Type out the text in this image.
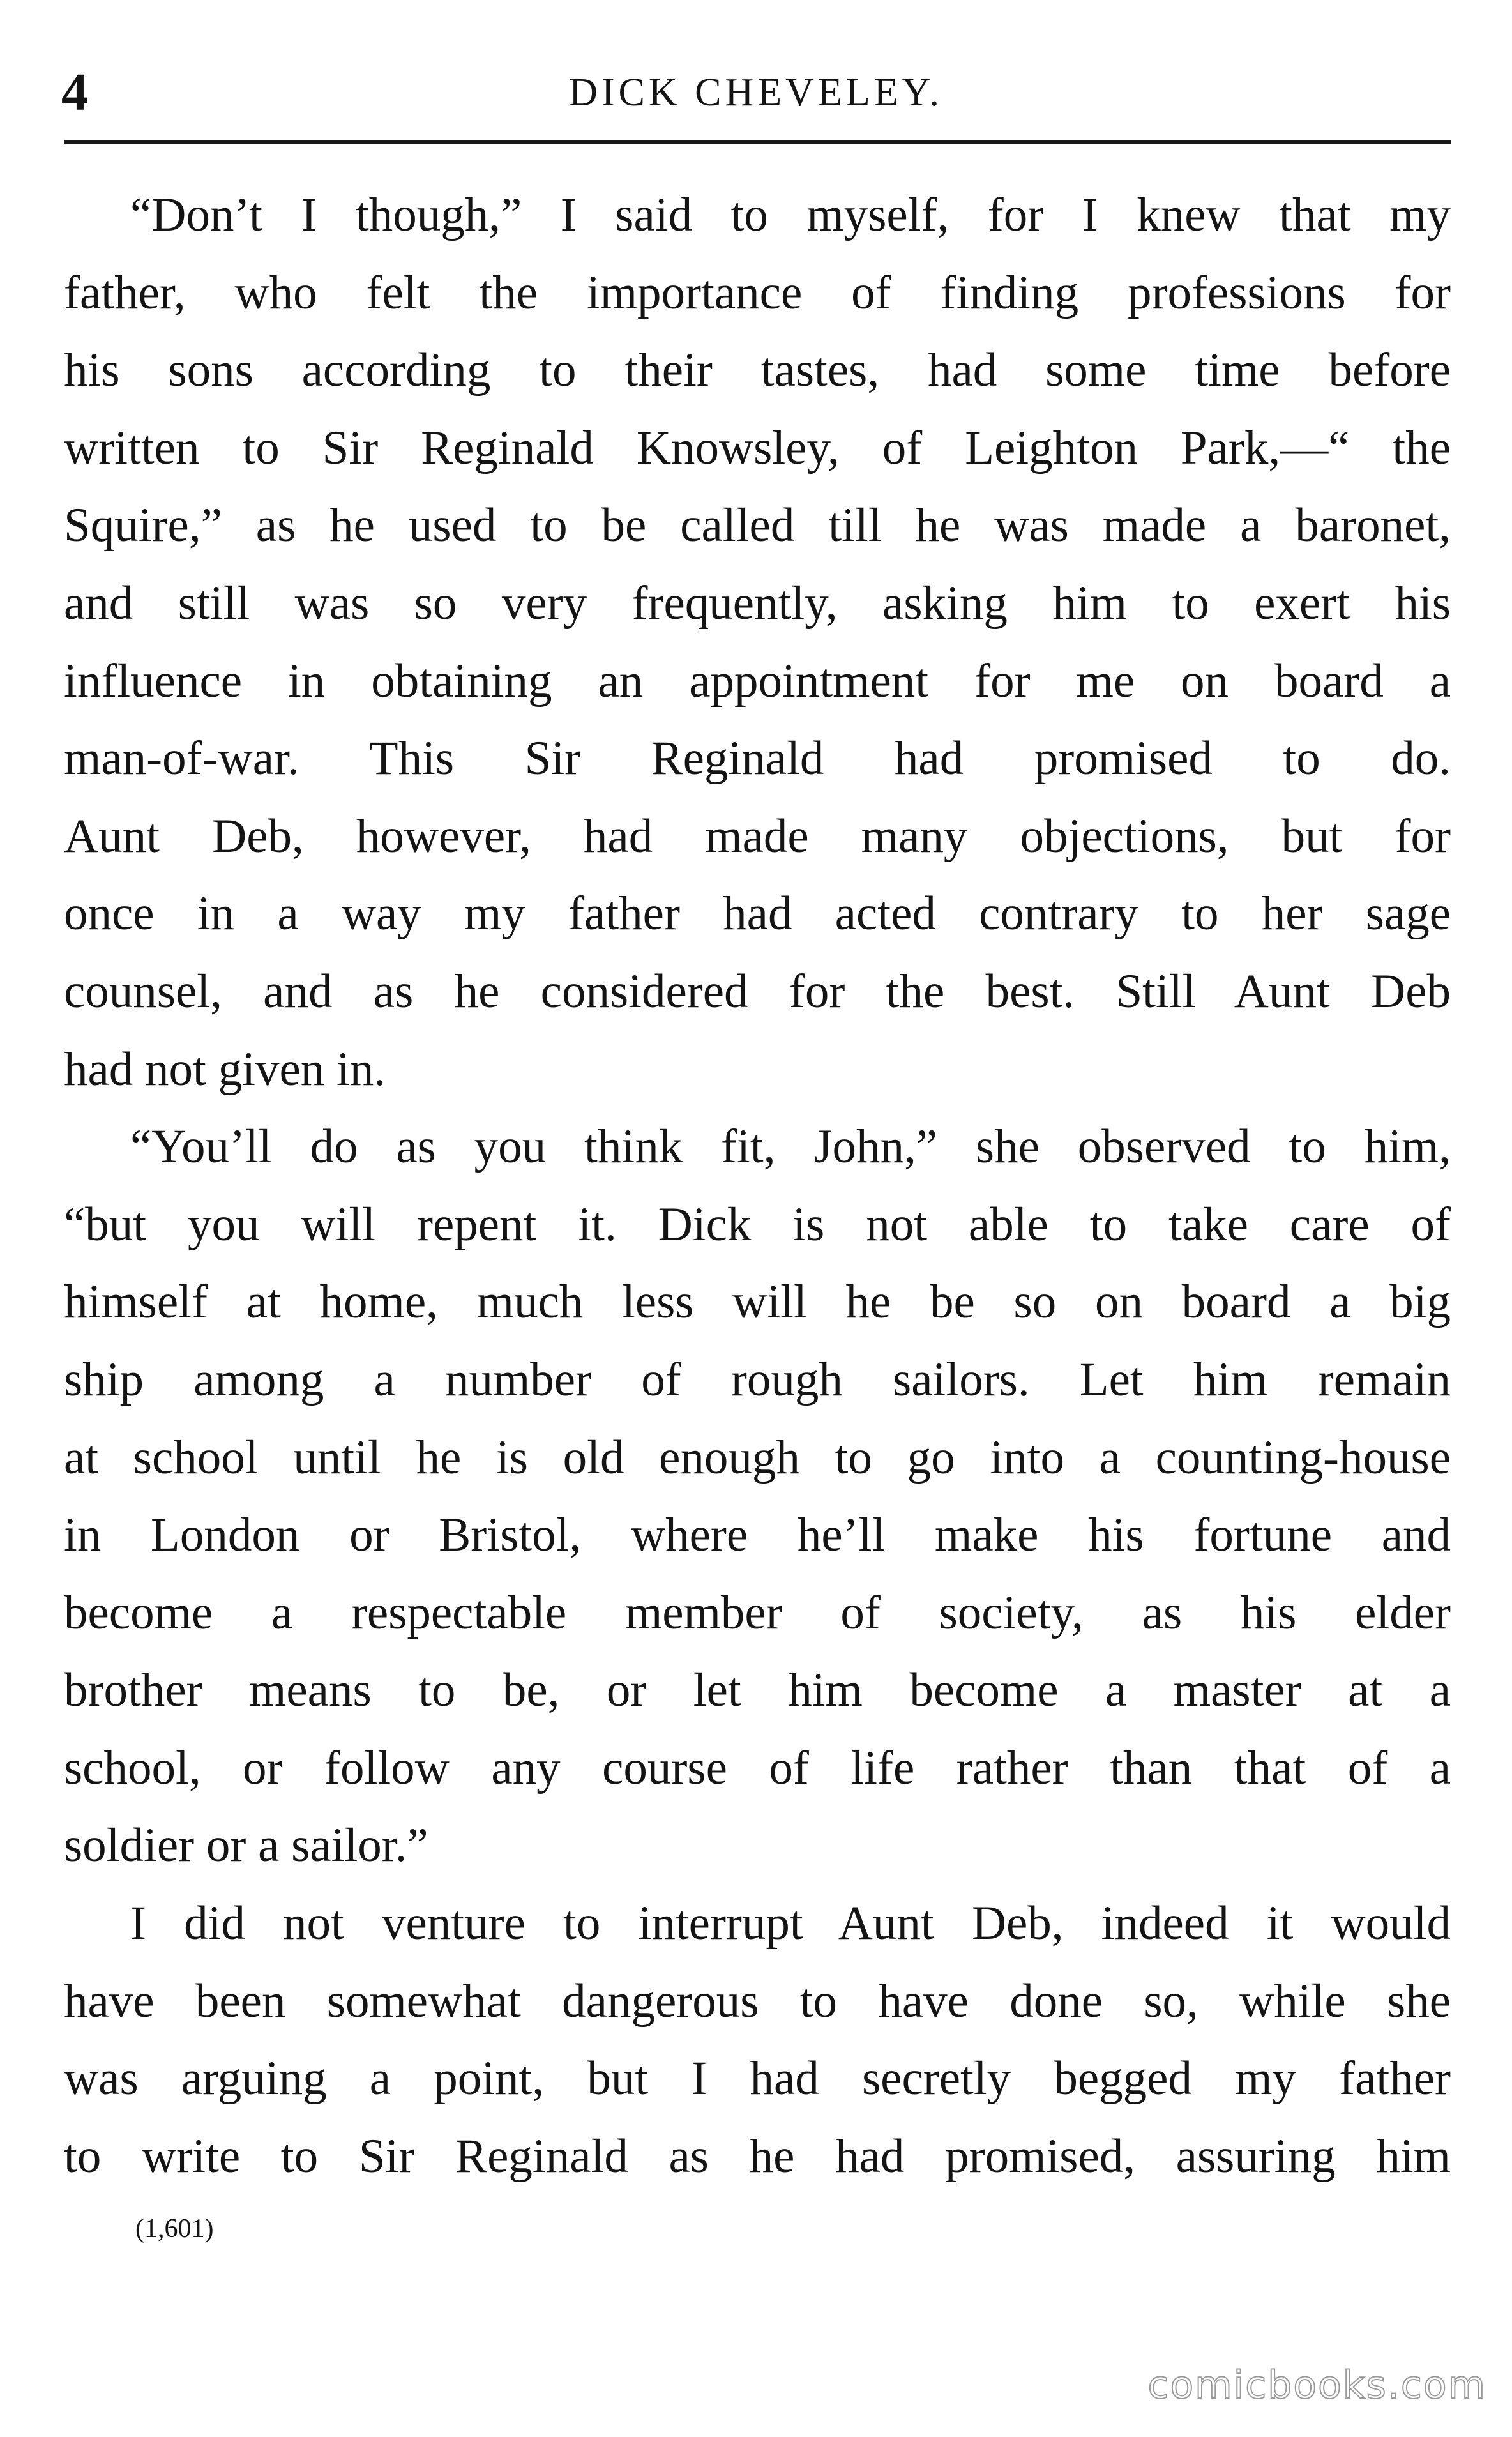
4	DICK CHEVELEY.

“Don’t I though,” I said to myself, for I knew that my
father, who felt the importance of finding professions for
his sons according to their tastes, had some time before
written to Sir Reginald Knowsley, of Leighton Park,—“ the
Squire,” as he used to be called till he was made a baronet,
and still was so very frequently, asking him to exert his
influence in obtaining an appointment for me on board a
man-of-war. This Sir Reginald had promised to do.
Aunt Deb, however, had made many objections, but for
once in a way my father had acted contrary to her sage
counsel, and as he considered for the best. Still Aunt Deb
had not given in.

“You’ll do as you think fit, John,” she observed to him,
“but you will repent it. Dick is not able to take care of
himself at home, much less will he be so on board a big
ship among a number of rough sailors. Let him remain
at school until he is old enough to go into a counting-house
in London or Bristol, where he’ll make his fortune and
become a respectable member of society, as his elder
brother means to be, or let him become a master at a
school, or follow any course of life rather than that of a
soldier or a sailor.”

I did not venture to interrupt Aunt Deb, indeed it would
have been somewhat dangerous to have done so, while she
was arguing a point, but I had secretly begged my father
to write to Sir Reginald as he had promised, assuring him

(1,601)
comicbooks.com
